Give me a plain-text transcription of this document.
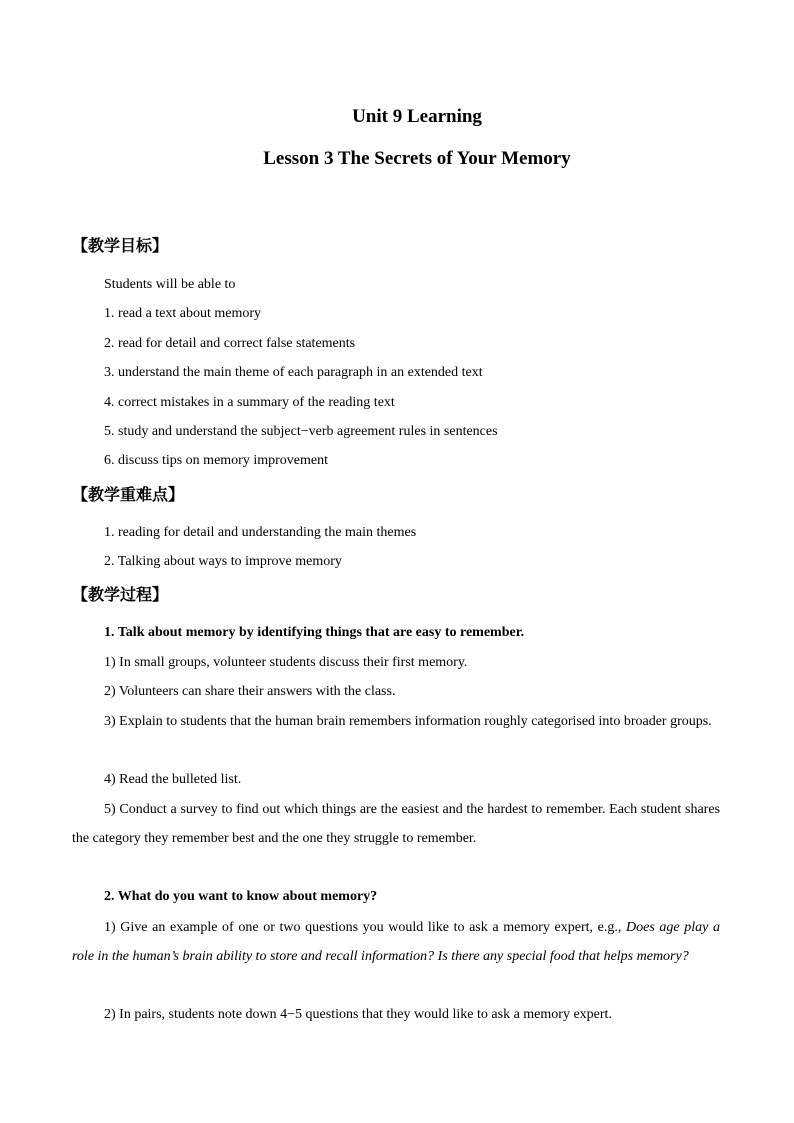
Unit 9 Learning
Lesson 3 The Secrets of Your Memory
【教学目标】

Students will be able to

1. read a text about memory

2. read for detail and correct false statements

3. understand the main theme of each paragraph in an extended text

4. correct mistakes in a summary of the reading text

5. study and understand the subject−verb agreement rules in sentences

6. discuss tips on memory improvement

【教学重难点】

1. reading for detail and understanding the main themes

2. Talking about ways to improve memory

【教学过程】

1. Talk about memory by identifying things that are easy to remember.

1) In small groups, volunteer students discuss their first memory.

2) Volunteers can share their answers with the class.

3) Explain to students that the human brain remembers information roughly categorised into broader groups.

4) Read the bulleted list.

5) Conduct a survey to find out which things are the easiest and the hardest to remember. Each student shares the category they remember best and the one they struggle to remember.

2. What do you want to know about memory?

1) Give an example of one or two questions you would like to ask a memory expert, e.g., Does age play a role in the human’s brain ability to store and recall information? Is there any special food that helps memory?

2) In pairs, students note down 4−5 questions that they would like to ask a memory expert.
